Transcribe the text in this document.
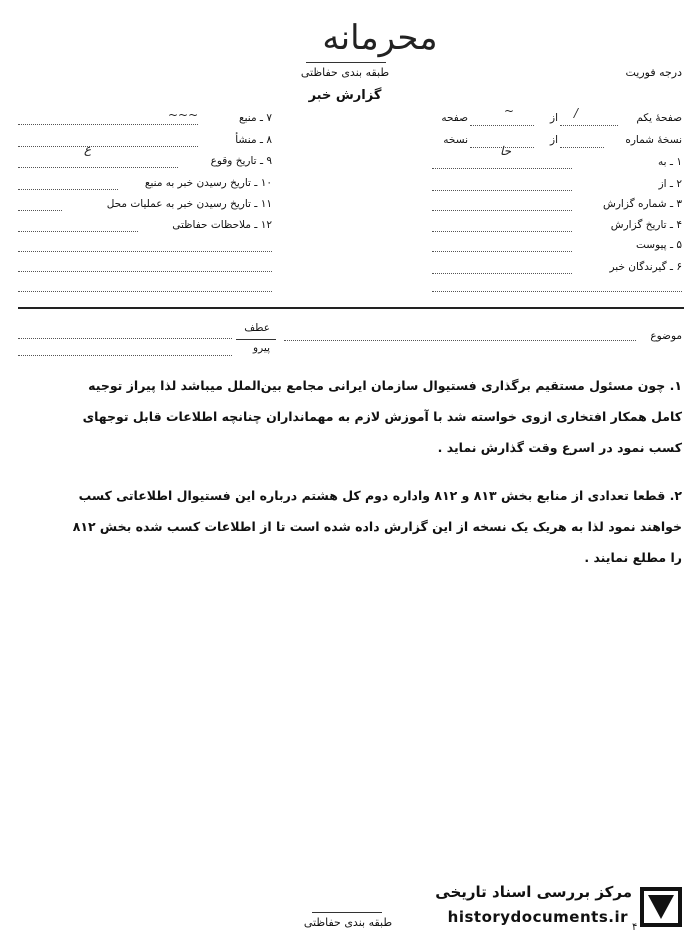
محرمانه
طبقه بندی حفاظتی
گزارش خبر
درجه فوریت
صفحهٔ یکم
/
از
~
صفحه
نسخهٔ شماره
از
حا
نسخه
۱ ـ به
۲ ـ از
۳ ـ شماره گزارش
۴ ـ تاریخ گزارش
۵ ـ پیوست
۶ ـ گیرندگان خبر
۷ ـ منبع
~~~
۸ ـ منشأ
۹ ـ تاریخ وقوع
ع
۱۰ ـ تاریخ رسیدن خبر به منبع
۱۱ ـ تاریخ رسیدن خبر به عملیات محل
۱۲ ـ ملاحظات حفاظتی
موضوع
عطف
پیرو
۱. چون مسئول مستقیم برگذاری فستیوال سازمان ایرانی مجامع بین‌الملل میباشد لذا پیراز توجیه کامل همکار افتخاری ازوی خواسته شد با آموزش لازم به مهمانداران چنانچه اطلاعات قابل توجهای کسب نمود در اسرع وقت گذارش نماید .
۲. قطعا تعدادی از منابع بخش ۸۱۳ و ۸۱۲ واداره دوم کل هشتم درباره این فستیوال اطلاعاتی کسب خواهند نمود لذا به هریک یک نسخه از این گزارش داده شده است تا از اطلاعات کسب شده بخش ۸۱۲ را مطلع نمایند .
طبقه بندی حفاظتی
مرکز بررسی اسناد تاریخی
historydocuments.ir
۴
